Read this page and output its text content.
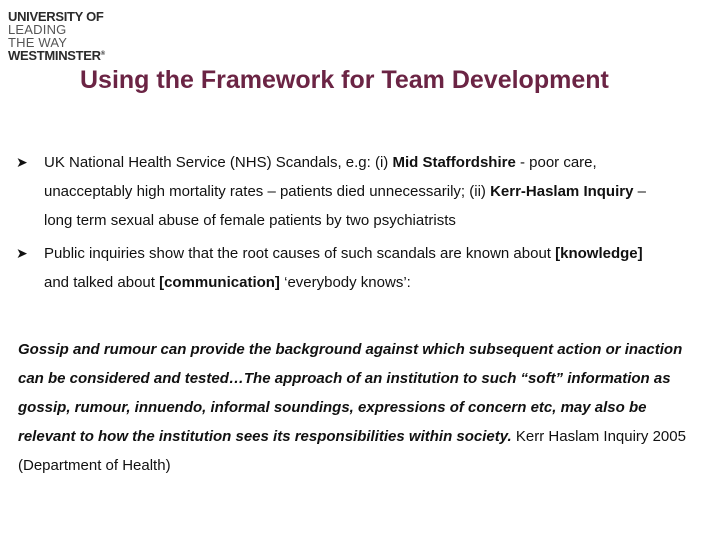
UNIVERSITY OF
LEADING
THE WAY
WESTMINSTER®
Using the Framework for Team Development
➤ UK National Health Service (NHS) Scandals, e.g: (i) Mid Staffordshire - poor care, unacceptably high mortality rates – patients died unnecessarily; (ii) Kerr-Haslam Inquiry – long term sexual abuse of female patients by two psychiatrists
➤ Public inquiries show that the root causes of such scandals are known about [knowledge] and talked about [communication] ‘everybody knows’:
Gossip and rumour can provide the background against which subsequent action or inaction can be considered and tested…The approach of an institution to such “soft” information as gossip, rumour, innuendo, informal soundings, expressions of concern etc, may also be relevant to how the institution sees its responsibilities within society. Kerr Haslam Inquiry 2005 (Department of Health)
